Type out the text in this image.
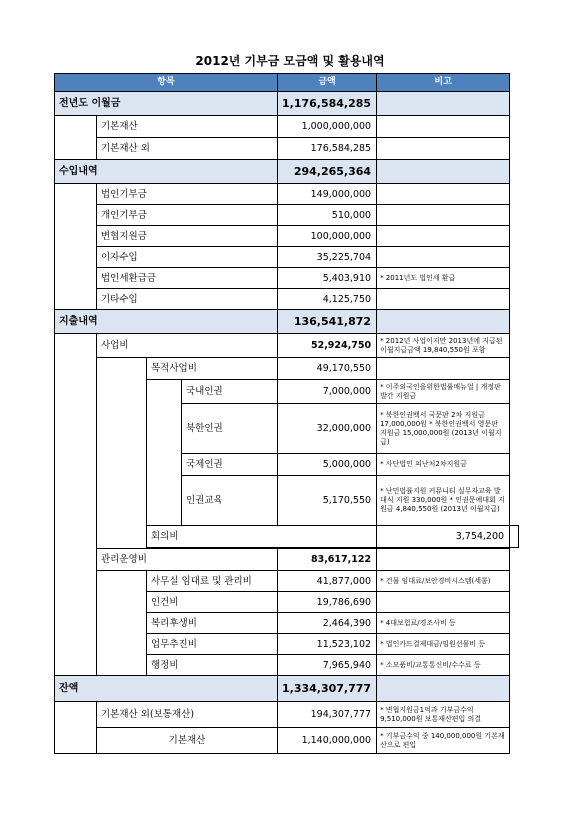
2012년 기부금 모금액 및 활용내역
항목				금액	비고	
전년도 이월금				1,176,584,285		
	기본재산			1,000,000,000		
	기본재산 외			176,584,285		
수입내역				294,265,364		
	법인기부금			149,000,000		
	개인기부금			510,000		
	변협지원금			100,000,000		
	이자수입			35,225,704		
	법인세환급금			5,403,910	* 2011년도 법인세 환급	
	기타수입			4,125,750		
지출내역				136,541,872		
	사업비			52,924,750	* 2012년 사업이지만 2013년에 지급된 이월지급금액 19,840,550원 포함	
		목적사업비		49,170,550		
			국내인권	7,000,000	* 이주외국인을위한법률매뉴얼 | 개정판 발간 지원금	
			북한인권	32,000,000	* 북한인권백서 국문판 2차 지원금 17,000,000원 * 북한인권백서 영문판 지원금 15,000,000원 (2013년 이월지급)	
			국제인권	5,000,000	* 사단법인 피난처2차지원금	
			인권교육	5,170,550	* 난민법률지원 커뮤니티 실무자교육 발대식 지원 330,000원 * 인권문예대회 지원금 4,840,550원 (2013년 이월지급)	
		회의비			3,754,200	

	관리운영비			83,617,122		
		사무실 임대료 및 관리비		41,877,000	* 건물 임대료/보안경비시스템(세콤)	
		인건비		19,786,690		
		복리후생비		2,464,390	* 4대보험료/경조사비 등	
		업무추진비		11,523,102	* 법인카드결제대금/임원선물비 등	
		행정비		7,965,940	* 소모품비/교통통신비/수수료 등	
잔액				1,334,307,777		
	기본재산 외(보통재산)			194,307,777	* 변협지원금1억과 기부금수익 9,510,000원 보통재산편입 의결	
	기본재산			1,140,000,000	* 기부금수익 중 140,000,000원 기본재산으로 편입	
